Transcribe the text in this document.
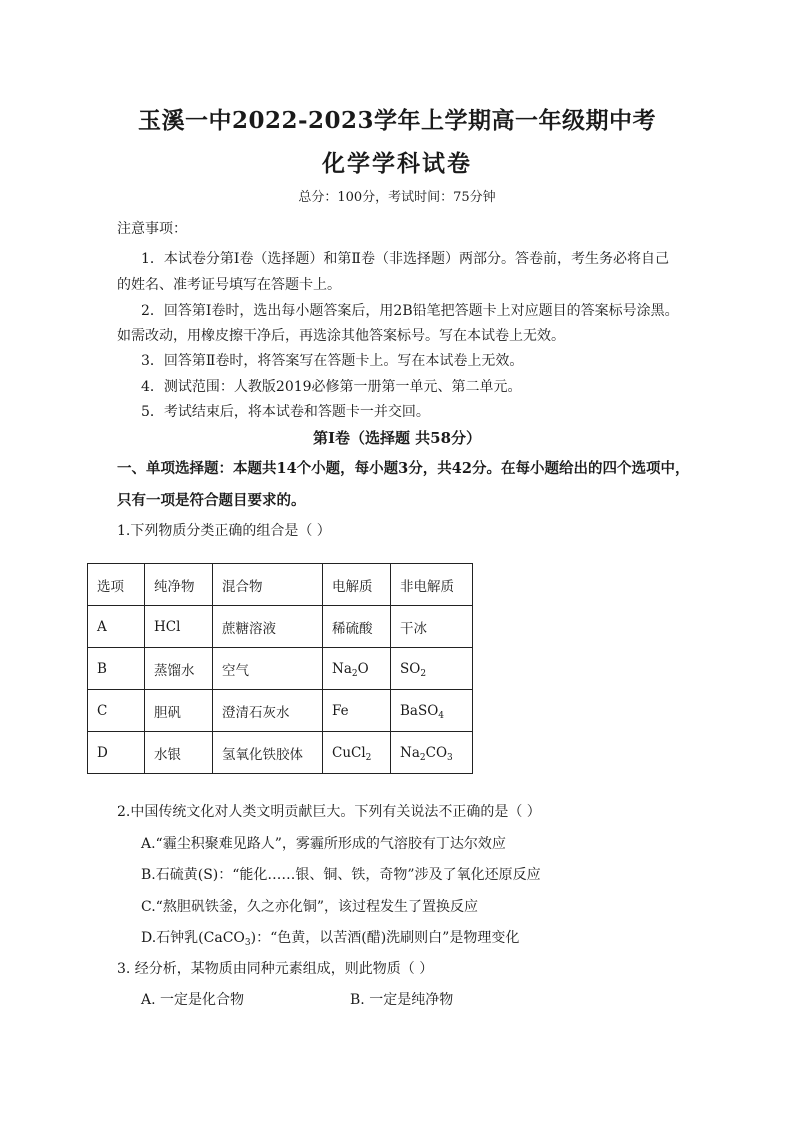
玉溪一中2022-2023学年上学期高一年级期中考
化学学科试卷
总分：100分，考试时间：75分钟
注意事项：
1．本试卷分第Ⅰ卷（选择题）和第Ⅱ卷（非选择题）两部分。答卷前，考生务必将自己
的姓名、准考证号填写在答题卡上。
2．回答第Ⅰ卷时，选出每小题答案后，用2B铅笔把答题卡上对应题目的答案标号涂黑。
如需改动，用橡皮擦干净后，再选涂其他答案标号。写在本试卷上无效。
3．回答第Ⅱ卷时，将答案写在答题卡上。写在本试卷上无效。
4．测试范围：人教版2019必修第一册第一单元、第二单元。
5．考试结束后，将本试卷和答题卡一并交回。
第Ⅰ卷（选择题 共58分）
一、单项选择题：本题共14个小题，每小题3分，共42分。在每小题给出的四个选项中，
只有一项是符合题目要求的。
1.下列物质分类正确的组合是（ ）
选项	纯净物	混合物	电解质	非电解质
A	HCl	蔗糖溶液	稀硫酸	干冰
B	蒸馏水	空气	$Na_2O$	$SO_2$
C	胆矾	澄清石灰水	Fe	BaSO$_4$
D	水银	氢氧化铁胶体	CuCl$_2$	$Na_2CO_3$
2.中国传统文化对人类文明贡献巨大。下列有关说法不正确的是（ ）
A.“霾尘积聚难见路人”，雾霾所形成的气溶胶有丁达尔效应
B.石硫黄(S)：“能化……银、铜、铁，奇物”涉及了氧化还原反应
C.“熬胆矾铁釜，久之亦化铜”，该过程发生了置换反应
D.石钟乳(CaCO$_3$)：“色黄，以苦酒(醋)洗刷则白”是物理变化
3. 经分析，某物质由同种元素组成，则此物质（ ）
A. 一定是化合物	B. 一定是纯净物
